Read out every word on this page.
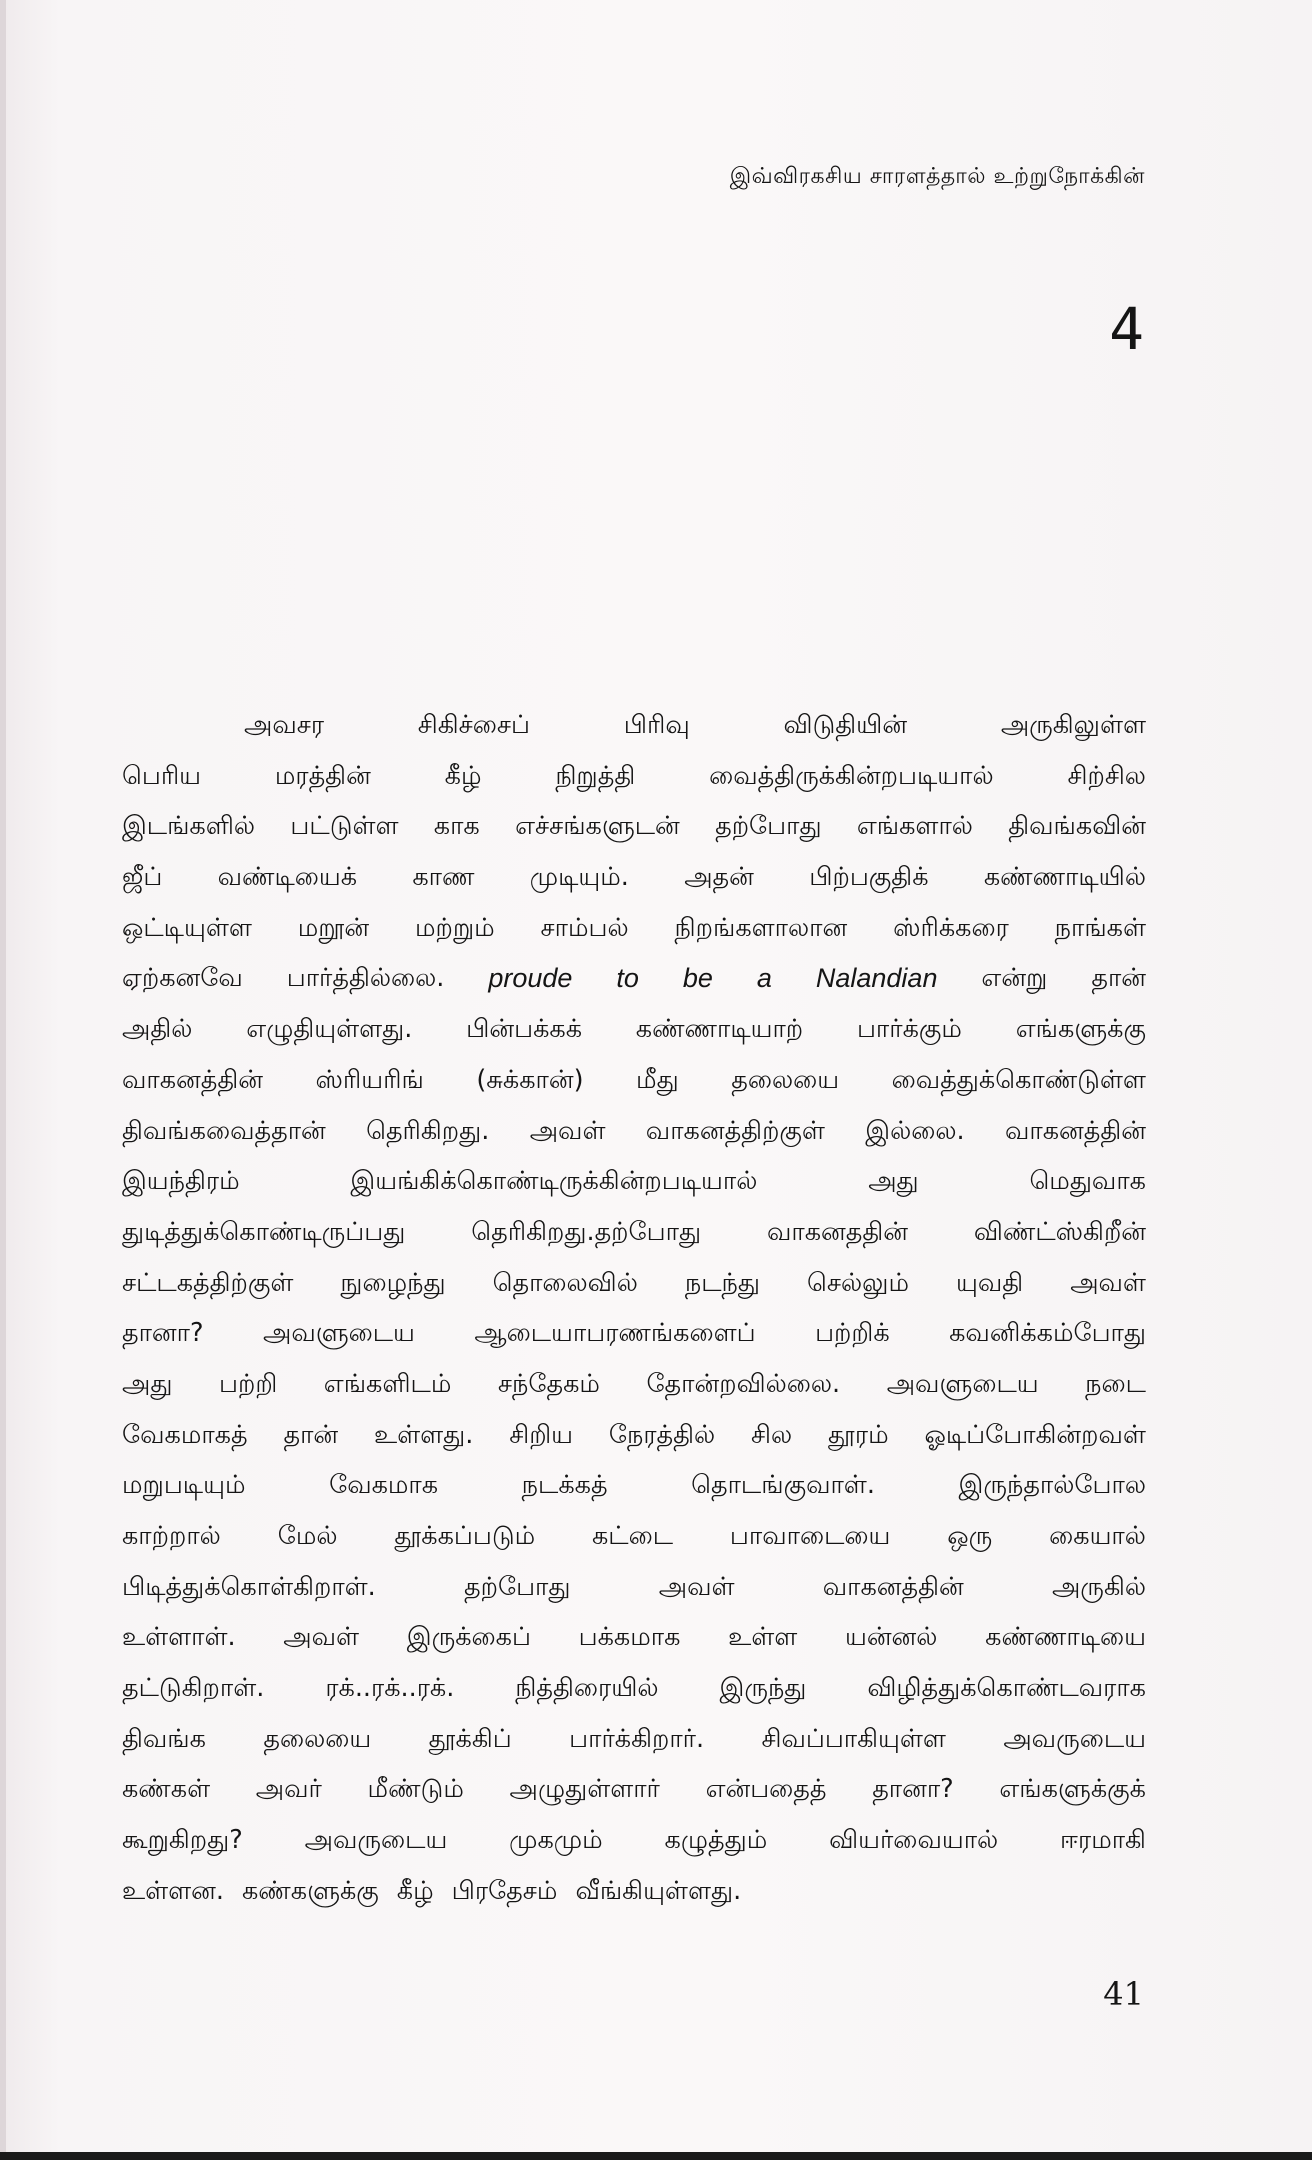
இவ்விரகசிய சாரளத்தால் உற்றுநோக்கின்
4
அவசர	சிகிச்சைப்	பிரிவு	விடுதியின்	அருகிலுள்ள
பெரிய	மரத்தின்	கீழ்	நிறுத்தி	வைத்திருக்கின்றபடியால்	சிற்சில
இடங்களில் பட்டுள்ள காக எச்சங்களுடன் தற்போது எங்களால் திவங்கவின்
ஜீப் வண்டியைக் காண முடியும். அதன் பிற்பகுதிக் கண்ணாடியில்
ஒட்டியுள்ள மறூன் மற்றும் சாம்பல் நிறங்களாலான ஸ்ரிக்கரை நாங்கள்
ஏற்கனவே பார்த்தில்லை. proude to be a Nalandian என்று தான்
அதில் எழுதியுள்ளது. பின்பக்கக் கண்ணாடியாற் பார்க்கும் எங்களுக்கு
வாகனத்தின் ஸ்ரியரிங் (சுக்கான்) மீது தலையை வைத்துக்கொண்டுள்ள
திவங்கவைத்தான் தெரிகிறது. அவள் வாகனத்திற்குள் இல்லை. வாகனத்தின்
இயந்திரம்	இயங்கிக்கொண்டிருக்கின்றபடியால்	அது	மெதுவாக
துடித்துக்கொண்டிருப்பது	தெரிகிறது.தற்போது	வாகனததின்	விண்ட்ஸ்கிறீன்
சட்டகத்திற்குள் நுழைந்து தொலைவில் நடந்து செல்லும் யுவதி அவள்
தானா? அவளுடைய ஆடையாபரணங்களைப் பற்றிக் கவனிக்கம்போது
அது பற்றி எங்களிடம் சந்தேகம் தோன்றவில்லை. அவளுடைய நடை
வேகமாகத் தான் உள்ளது. சிறிய நேரத்தில் சில தூரம் ஓடிப்போகின்றவள்
மறுபடியும்	வேகமாக	நடக்கத்	தொடங்குவாள்.	இருந்தால்போல
காற்றால் மேல் தூக்கப்படும் கட்டை பாவாடையை ஒரு கையால்
பிடித்துக்கொள்கிறாள்.	தற்போது	அவள்	வாகனத்தின்	அருகில்
உள்ளாள். அவள் இருக்கைப் பக்கமாக உள்ள யன்னல் கண்ணாடியை
தட்டுகிறாள். ரக்..ரக்..ரக். நித்திரையில் இருந்து விழித்துக்கொண்டவராக
திவங்க தலையை தூக்கிப் பார்க்கிறார். சிவப்பாகியுள்ள அவருடைய
கண்கள் அவர் மீண்டும் அழுதுள்ளார் என்பதைத் தானா? எங்களுக்குக்
கூறுகிறது? அவருடைய முகமும் கழுத்தும் வியர்வையால் ஈரமாகி
உள்ளன. கண்களுக்கு கீழ் பிரதேசம் வீங்கியுள்ளது.
41
